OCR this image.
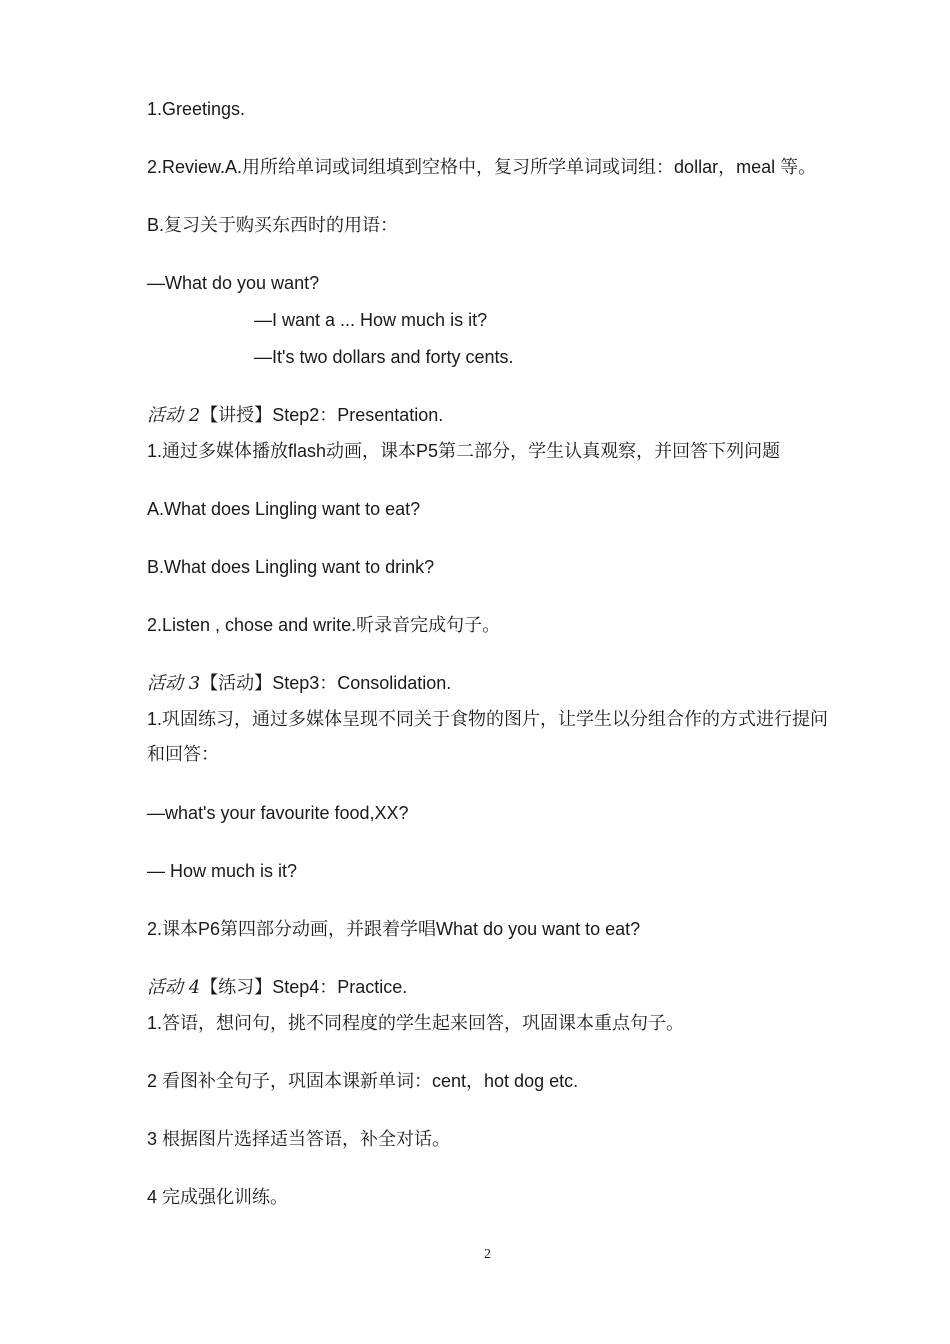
1.Greetings.
2.Review.A.用所给单词或词组填到空格中，复习所学单词或词组：dollar，meal 等。
B.复习关于购买东西时的用语：
—What do you want?
—I want a ... How much is it?
—It's two dollars and forty cents.
活动 2【讲授】Step2：Presentation.
1.通过多媒体播放flash动画，课本P5第二部分，学生认真观察，并回答下列问题
A.What does Lingling want to eat?
B.What does Lingling want to drink?
2.Listen , chose and write.听录音完成句子。
活动 3【活动】Step3：Consolidation.
1.巩固练习，通过多媒体呈现不同关于食物的图片，让学生以分组合作的方式进行提问
和回答：
—what's your favourite food,XX?
— How much is it?
2.课本P6第四部分动画，并跟着学唱What do you want to eat?
活动 4【练习】Step4：Practice.
1.答语，想问句，挑不同程度的学生起来回答，巩固课本重点句子。
2 看图补全句子，巩固本课新单词：cent，hot dog etc.
3 根据图片选择适当答语，补全对话。
4 完成强化训练。
2
